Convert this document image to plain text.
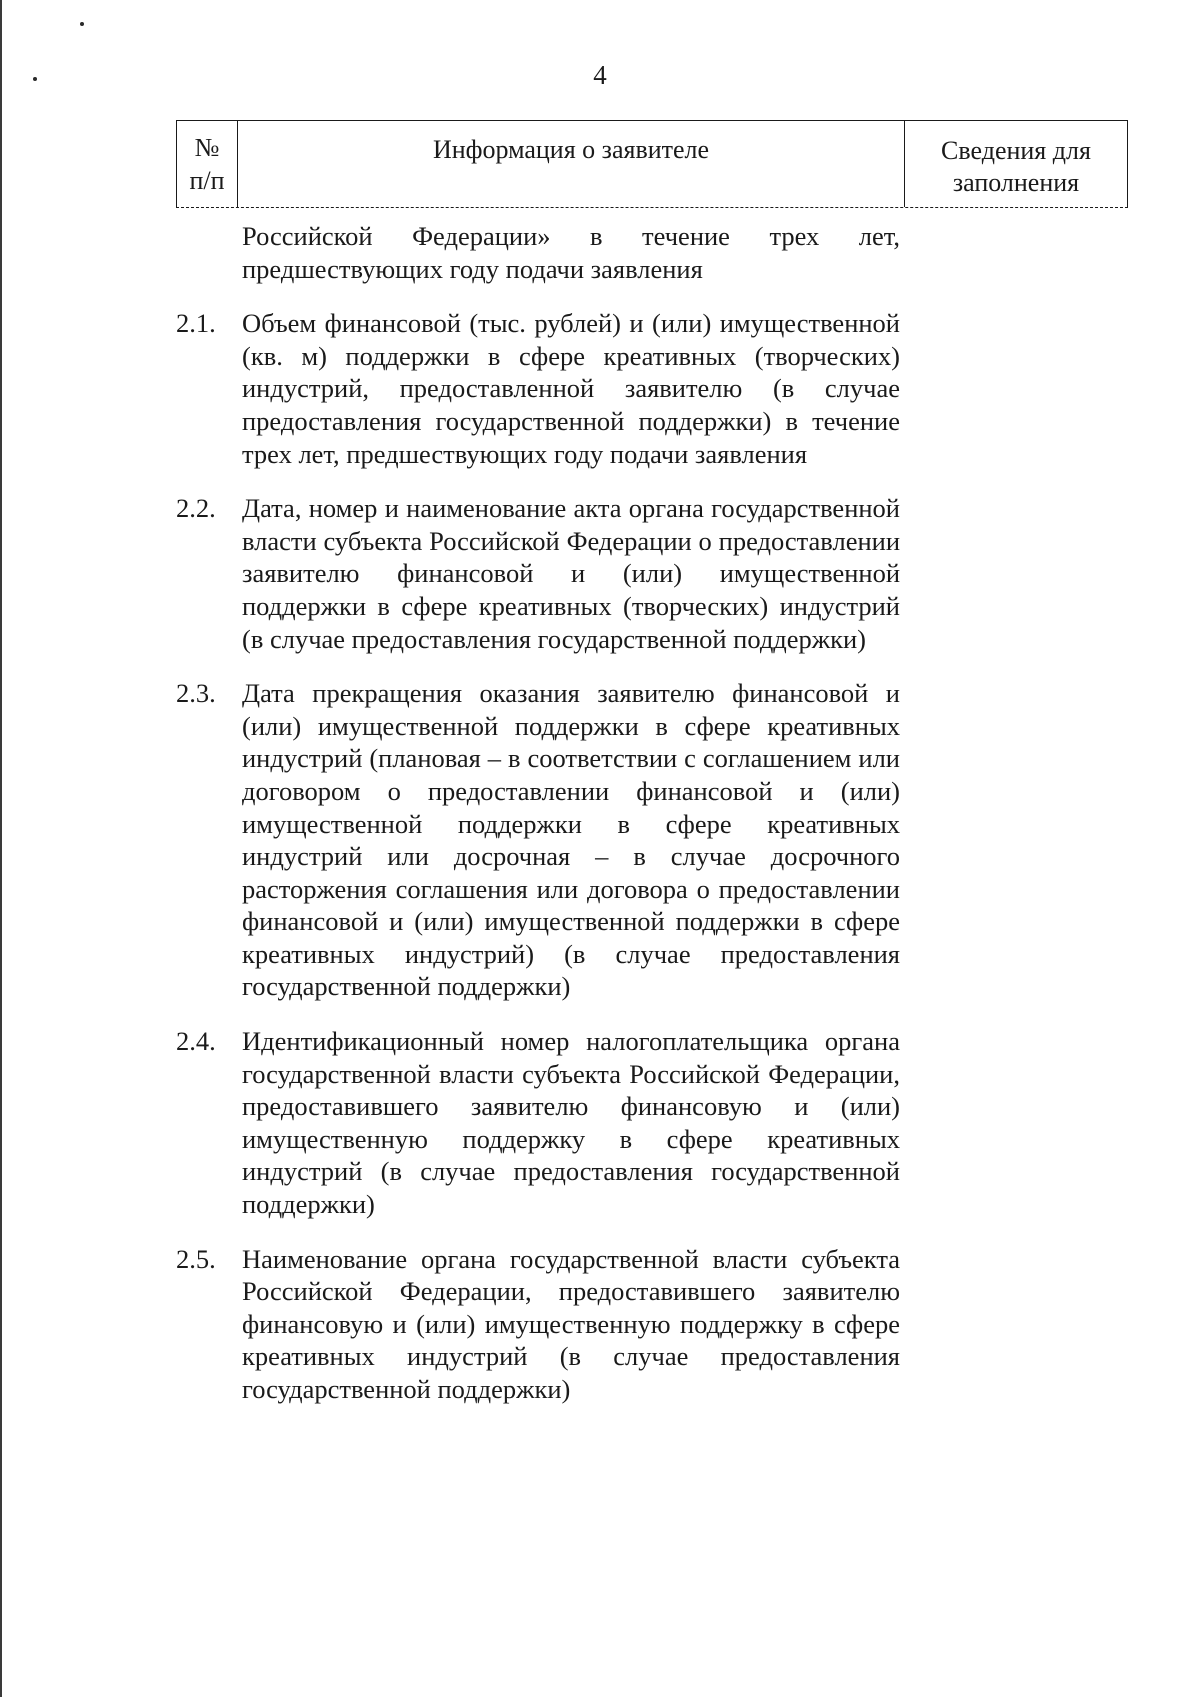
4
№
п/п
Информация о заявителе	Сведения для
заполнения
Российской Федерации» в течение трех лет, предшествующих году подачи заявления
2.1. Объем финансовой (тыс. рублей) и (или) имущественной (кв. м) поддержки в сфере креативных (творческих) индустрий, предоставленной заявителю (в случае предоставления государственной поддержки) в течение трех лет, предшествующих году подачи заявления
2.2. Дата, номер и наименование акта органа государственной власти субъекта Российской Федерации о предоставлении заявителю финансовой и (или) имущественной поддержки в сфере креативных (творческих) индустрий (в случае предоставления государственной поддержки)
2.3. Дата прекращения оказания заявителю финансовой и (или) имущественной поддержки в сфере креативных индустрий (плановая – в соответствии с соглашением или договором о предоставлении финансовой и (или) имущественной поддержки в сфере креативных индустрий или досрочная – в случае досрочного расторжения соглашения или договора о предоставлении финансовой и (или) имущественной поддержки в сфере креативных индустрий) (в случае предоставления государственной поддержки)
2.4. Идентификационный номер налогоплательщика органа государственной власти субъекта Российской Федерации, предоставившего заявителю финансовую и (или) имущественную поддержку в сфере креативных индустрий (в случае предоставления государственной поддержки)
2.5. Наименование органа государственной власти субъекта Российской Федерации, предоставившего заявителю финансовую и (или) имущественную поддержку в сфере креативных индустрий (в случае предоставления государственной поддержки)
